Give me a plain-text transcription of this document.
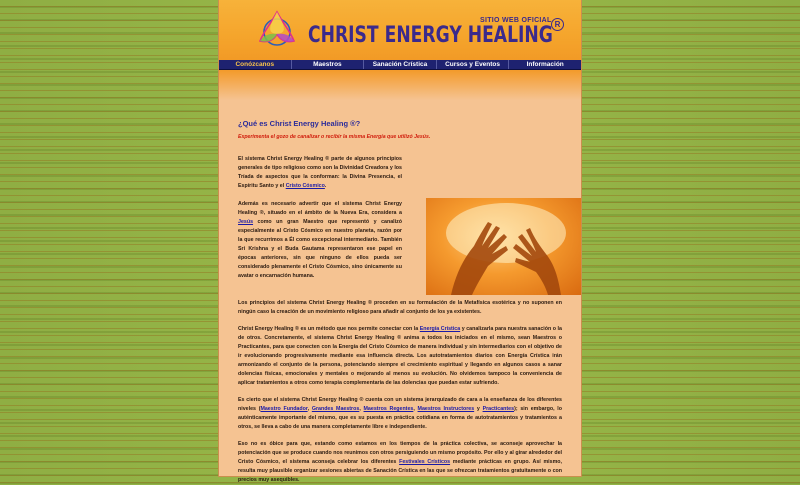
SITIO WEB OFICIAL R
CHRIST ENERGY HEALING
Conózcanos	Maestros	Sanación Crística	Cursos y Eventos	Información
¿Qué es Christ Energy Healing ®?
Experimenta el gozo de canalizar o recibir la misma Energía que utilizó Jesús.

El sistema Christ Energy Healing ® parte de algunos principios generales de tipo religioso como son la Divinidad Creadora y los Tríada de aspectos que la conforman: la Divina Presencia, el Espíritu Santo y el Cristo Cósmico.

Además es necesario advertir que el sistema Christ Energy Healing ®, situado en el ámbito de la Nueva Era, considera a Jesús como un gran Maestro que representó y canalizó especialmente al Cristo Cósmico en nuestro planeta, razón por la que recurrimos a Él como excepcional intermediario. También Sri Krishna y el Buda Gautama representaron ese papel en épocas anteriores, sin que ninguno de ellos pueda ser considerado plenamente el Cristo Cósmico, sino únicamente su avatar o encarnación humana.

Los principios del sistema Christ Energy Healing ® proceden en su formulación de la Metafísica esotérica y no suponen en ningún caso la creación de un movimiento religioso para añadir al conjunto de los ya existentes.

Christ Energy Healing ® es un método que nos permite conectar con la Energía Crística y canalizarla para nuestra sanación o la de otros. Concretamente, el sistema Christ Energy Healing ® anima a todos los iniciados en el mismo, sean Maestros o Practicantes, para que conecten con la Energía del Cristo Cósmico de manera individual y sin intermediarios con el objetivo de ir evolucionando progresivamente mediante esa influencia directa. Los autotratamientos diarios con Energía Crística irán armonizando el conjunto de la persona, potenciando siempre el crecimiento espiritual y llegando en algunos casos a sanar dolencias físicas, emocionales y mentales o mejorando al menos su evolución. No olvidemos tampoco la conveniencia de aplicar tratamientos a otros como terapia complementaria de las dolencias que puedan estar sufriendo.

Es cierto que el sistema Christ Energy Healing ® cuenta con un sistema jerarquizado de cara a la enseñanza de los diferentes niveles (Maestro Fundador, Grandes Maestros, Maestros Regentes, Maestros Instructores y Practicantes); sin embargo, lo auténticamente importante del mismo, que es su puesta en práctica cotidiana en forma de autotratamientos y tratamientos a otros, se lleva a cabo de una manera completamente libre e independiente.

Eso no es óbice para que, estando como estamos en los tiempos de la práctica colectiva, se aconseje aprovechar la potenciación que se produce cuando nos reunimos con otros persiguiendo un mismo propósito. Por ello y al girar alrededor del Cristo Cósmico, el sistema aconseja celebrar los diferentes Festivales Crísticos mediante prácticas en grupo. Así mismo, resulta muy plausible organizar sesiones abiertas de Sanación Crística en las que se ofrezcan tratamientos gratuitamente o con precios muy asequibles.
